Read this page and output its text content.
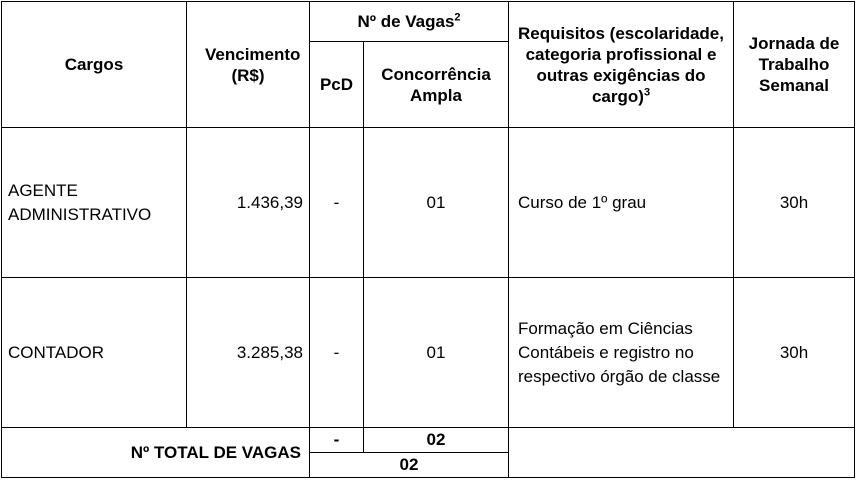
Cargos	Vencimento (R$)	Nº de Vagas$^2$		Requisitos (escolaridade, categoria profissional e outras exigências do cargo)$^3$	Jornada de Trabalho Semanal
		PcD	Concorrência Ampla		
AGENTE ADMINISTRATIVO	1.436,39	-	01	Curso de 1º grau	30h
CONTADOR	3.285,38	-	01	Formação em Ciências Contábeis e registro no respectivo órgão de classe	30h
Nº TOTAL DE VAGAS		-	02		
		02			
